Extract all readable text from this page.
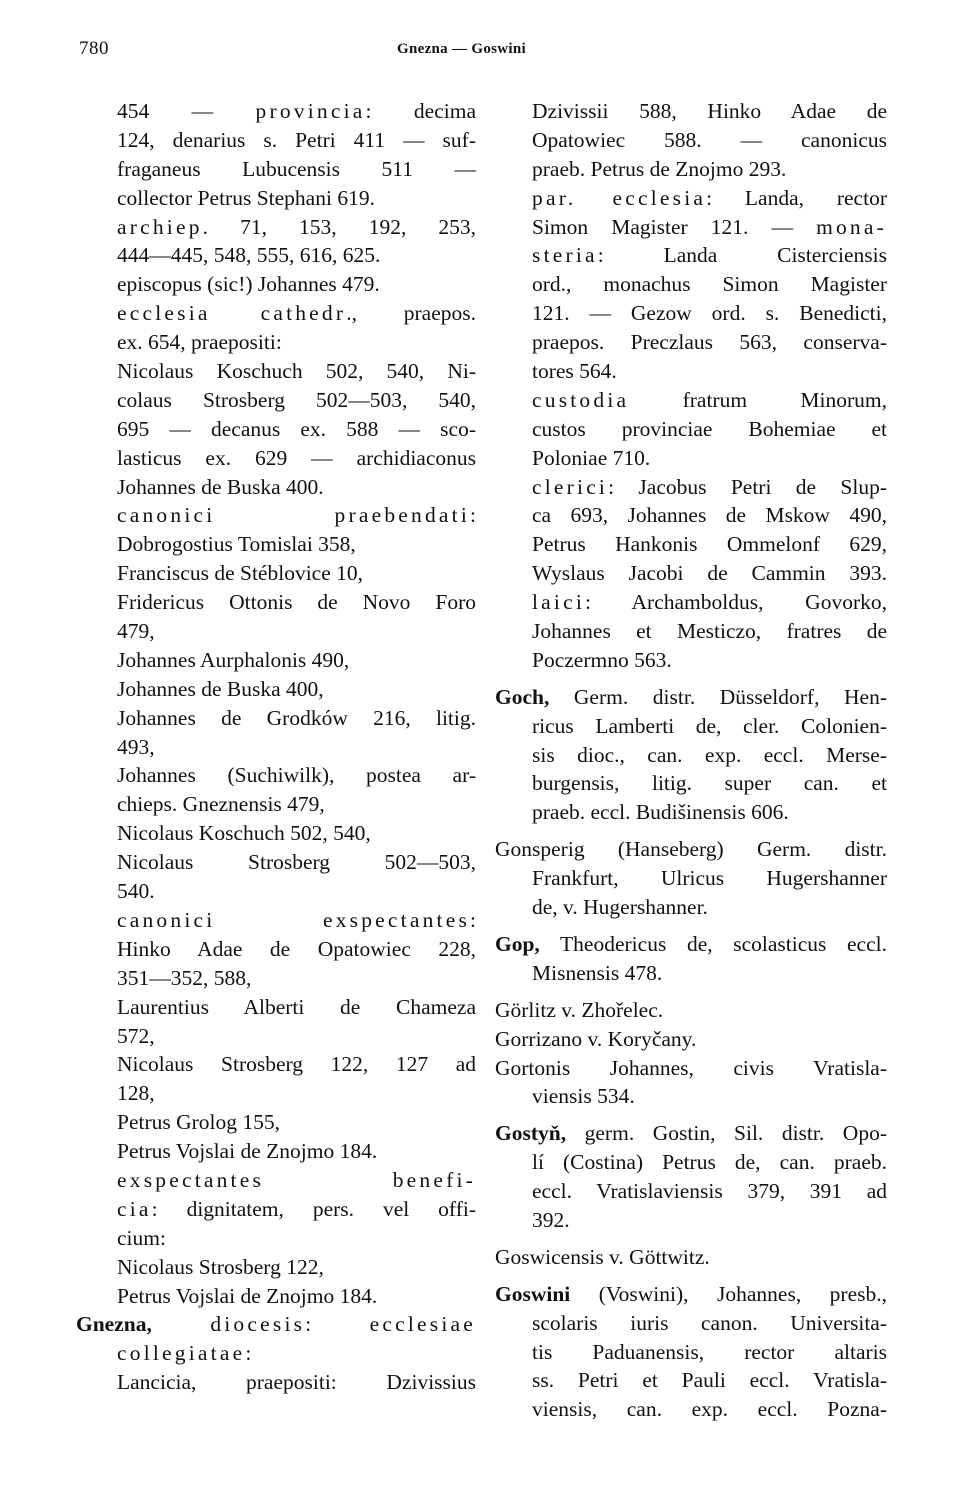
780	Gnezna — Goswini
454 — provincia: decima
124, denarius s. Petri 411 — suf-
fraganeus Lubucensis 511 —
collector Petrus Stephani 619.
archiep. 71, 153, 192, 253,
444—445, 548, 555, 616, 625.
episcopus (sic!) Johannes 479.
ecclesia cathedr., praepos.
ex. 654, praepositi:
Nicolaus Koschuch 502, 540, Ni-
colaus Strosberg 502—503, 540,
695 — decanus ex. 588 — sco-
lasticus ex. 629 — archidiaconus
Johannes de Buska 400.
canonici praebendati:
Dobrogostius Tomislai 358,
Franciscus de Stéblovice 10,
Fridericus Ottonis de Novo Foro
479,
Johannes Aurphalonis 490,
Johannes de Buska 400,
Johannes de Grodków 216, litig.
493,
Johannes (Suchiwilk), postea ar-
chieps. Gneznensis 479,
Nicolaus Koschuch 502, 540,
Nicolaus Strosberg 502—503,
540.
canonici exspectantes:
Hinko Adae de Opatowiec 228,
351—352, 588,
Laurentius Alberti de Chameza
572,
Nicolaus Strosberg 122, 127 ad
128,
Petrus Grolog 155,
Petrus Vojslai de Znojmo 184.
exspectantes benefi-
cia: dignitatem, pers. vel offi-
cium:
Nicolaus Strosberg 122,
Petrus Vojslai de Znojmo 184.
Gnezna,	diocesis: ecclesiae
collegiatae:
Lancicia, praepositi: Dzivissius
Dzivissii 588, Hinko Adae de
Opatowiec 588. — canonicus
praeb. Petrus de Znojmo 293.
par. ecclesia: Landa, rector
Simon Magister 121. — mona-
steria: Landa Cisterciensis
ord., monachus Simon Magister
121. — Gezow ord. s. Benedicti,
praepos. Preczlaus 563, conserva-
tores 564.
custodia fratrum Minorum,
custos provinciae Bohemiae et
Poloniae 710.
clerici: Jacobus Petri de Slup-
ca 693, Johannes de Mskow 490,
Petrus Hankonis Ommelonf 629,
Wyslaus Jacobi de Cammin 393.
laici: Archamboldus, Govorko,
Johannes et Mesticzo, fratres de
Poczermno 563.
Goch, Germ. distr. Düsseldorf, Hen-
ricus Lamberti de, cler. Colonien-
sis dioc., can. exp. eccl. Merse-
burgensis, litig. super can. et
praeb. eccl. Budišinensis 606.
Gonsperig (Hanseberg) Germ. distr.
Frankfurt, Ulricus Hugershanner
de, v. Hugershanner.
Gop, Theodericus de, scolasticus eccl.
Misnensis 478.
Görlitz v. Zhořelec.
Gorrizano v. Koryčany.
Gortonis Johannes, civis Vratisla-
viensis 534.
Gostyň, germ. Gostin, Sil. distr. Opo-
lí (Costina) Petrus de, can. praeb.
eccl. Vratislaviensis 379, 391 ad
392.
Goswicensis v. Göttwitz.
Goswini (Voswini), Johannes, presb.,
scolaris iuris canon. Universita-
tis Paduanensis, rector altaris
ss. Petri et Pauli eccl. Vratisla-
viensis, can. exp. eccl. Pozna-
